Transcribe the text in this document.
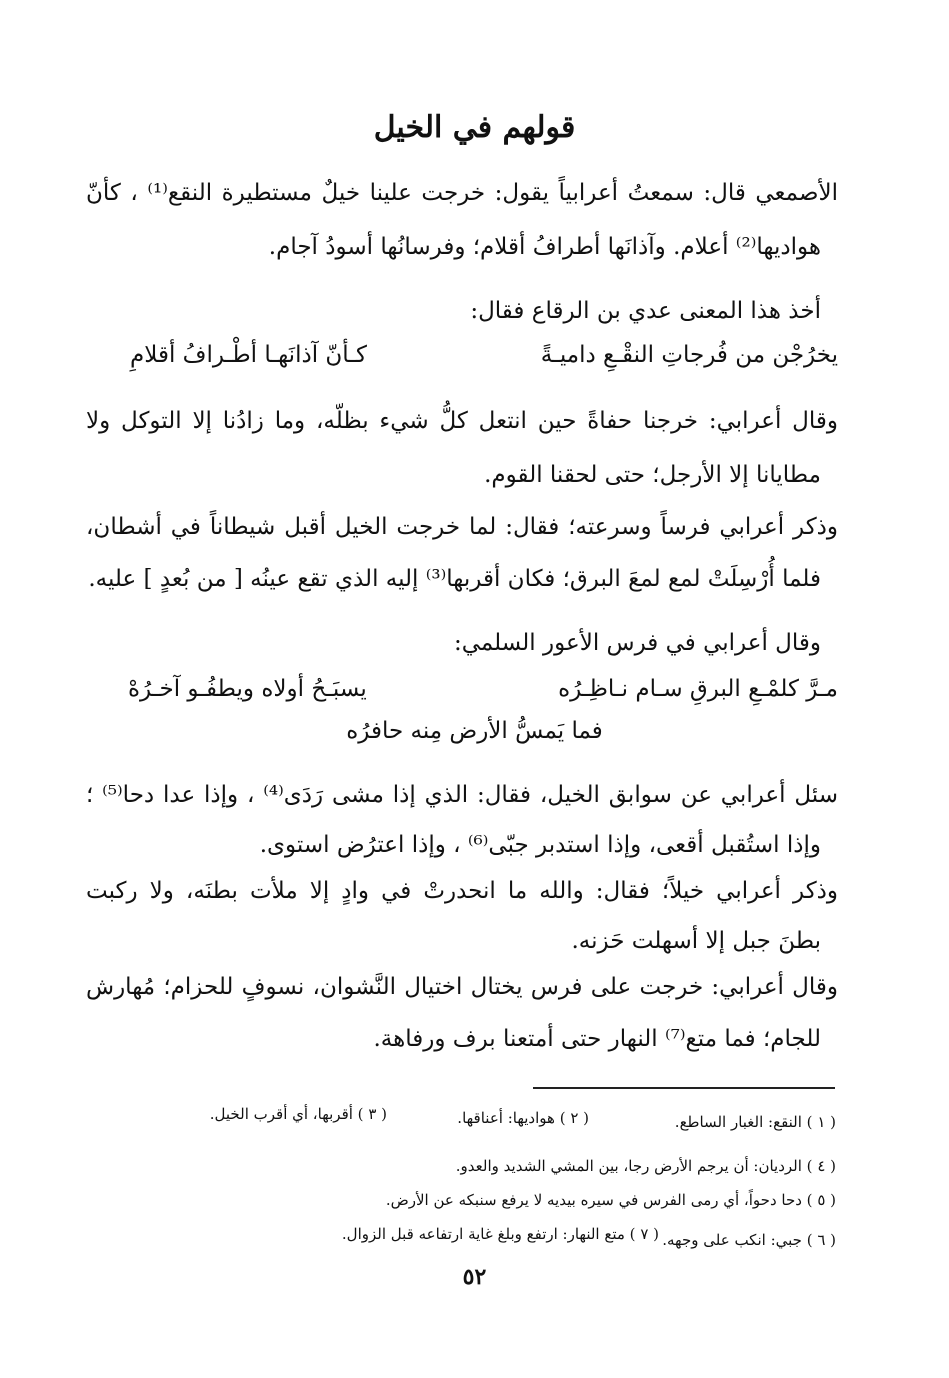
قولهم في الخيل
الأصمعي قال: سمعتُ أعرابياً يقول: خرجت علينا خيلٌ مستطيرة النقع⁽¹⁾ ، كأنّ
هواديها⁽²⁾ أعلام. وآذانَها أطرافُ أقلام؛ وفرسانُها أسودُ آجام.
أخذ هذا المعنى عدي بن الرقاع فقال:
يخرُجْن من فُرجاتِ النقْـعِ داميـةً
كـأنّ آذانَهـا أطْـرافُ أقلامِ
وقال أعرابي: خرجنا حفاةً حين انتعل كلُّ شيء بظلّه، وما زادُنا إلا التوكل ولا
مطايانا إلا الأرجل؛ حتى لحقنا القوم.
وذكر أعرابي فرساً وسرعته؛ فقال: لما خرجت الخيل أقبل شيطاناً في أشطان،
فلما أُرْسِلَتْ لمع لمعَ البرق؛ فكان أقربها⁽³⁾ إليه الذي تقع عينُه [ من بُعدٍ ] عليه.
وقال أعرابي في فرس الأعور السلمي:
مـرَّ كلمْـعِ البرقِ سـام نـاظِـرُه
يسبَـحُ أولاه ويطفُـو آخـرُهْ
فما يَمسُّ الأرض مِنه حافرُه
سئل أعرابي عن سوابق الخيل، فقال: الذي إذا مشى رَدَى⁽⁴⁾ ، وإذا عدا دحا⁽⁵⁾ ؛
وإذا استُقبل أقعى، وإذا استدبر جبّى⁽⁶⁾ ، وإذا اعترُض استوى.
وذكر أعرابي خيلاً؛ فقال: والله ما انحدرتْ في وادٍ إلا ملأت بطنَه، ولا ركبت
بطنَ جبل إلا أسهلت حَزنه.
وقال أعرابي: خرجت على فرس يختال اختيال النَّشوان، نسوفٍ للحزام؛ مُهارش
للجام؛ فما متع⁽⁷⁾ النهار حتى أمتعنا برف ورفاهة.
( ١ ) النقع: الغبار الساطع.
( ٢ ) هواديها: أعناقها.
( ٣ ) أقربها، أي أقرب الخيل.
( ٤ ) الرديان: أن يرجم الأرض رجا، بين المشي الشديد والعدو.
( ٥ ) دحا دحواً، أي رمى الفرس في سيره بيديه لا يرفع سنبكه عن الأرض.
( ٦ ) جبي: انكب على وجهه.
( ٧ ) متع النهار: ارتفع وبلغ غاية ارتفاعه قبل الزوال.
٥٢
